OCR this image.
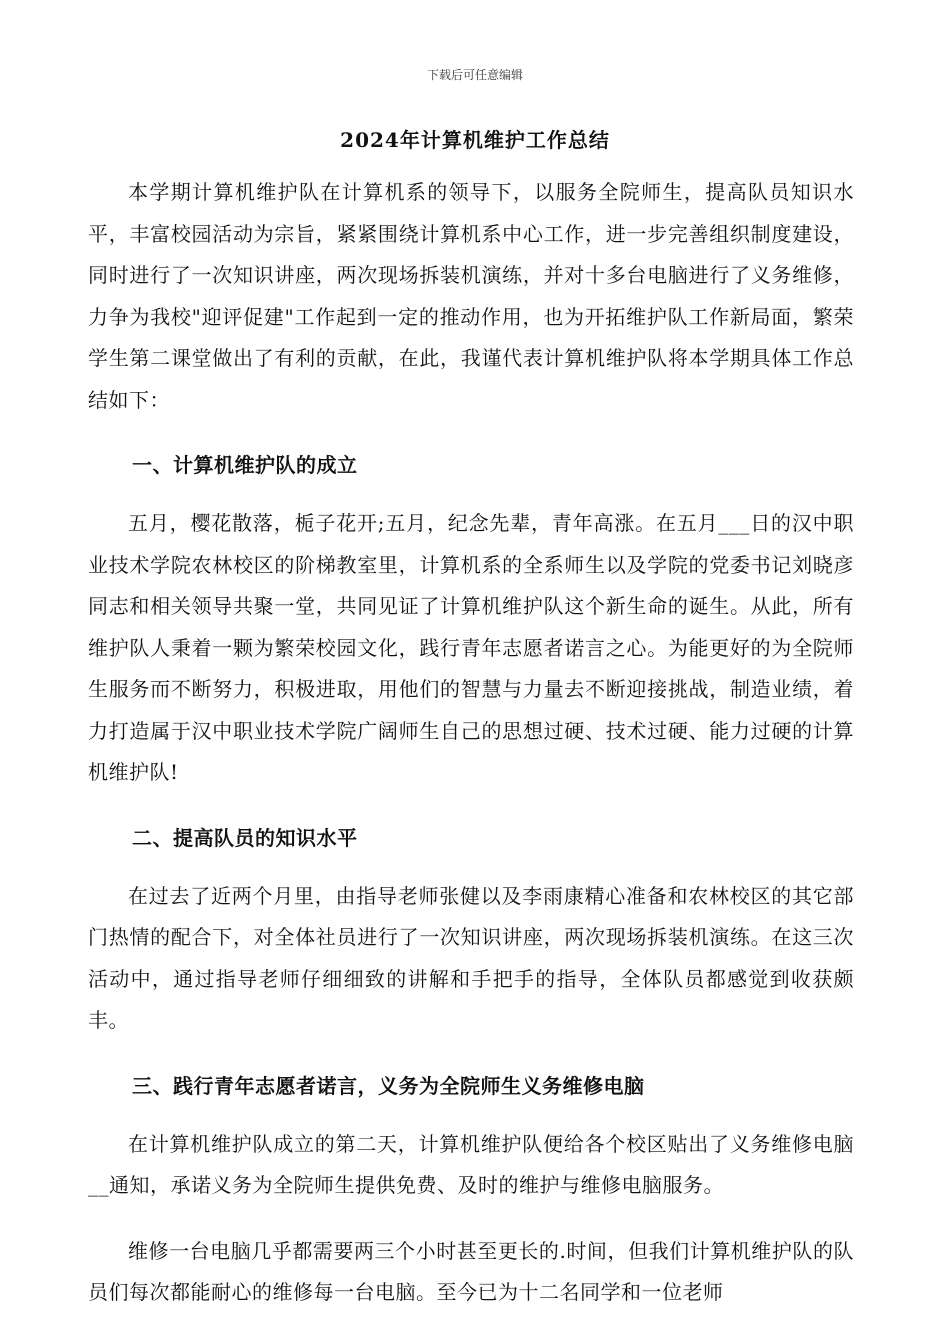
下载后可任意编辑
2024年计算机维护工作总结

本学期计算机维护队在计算机系的领导下，以服务全院师生，提高队员知识水平，丰富校园活动为宗旨，紧紧围绕计算机系中心工作，进一步完善组织制度建设，同时进行了一次知识讲座，两次现场拆装机演练，并对十多台电脑进行了义务维修，力争为我校"迎评促建"工作起到一定的推动作用，也为开拓维护队工作新局面，繁荣学生第二课堂做出了有利的贡献，在此，我谨代表计算机维护队将本学期具体工作总结如下：

一、计算机维护队的成立

五月，樱花散落，栀子花开;五月，纪念先辈，青年高涨。在五月___日的汉中职业技术学院农林校区的阶梯教室里，计算机系的全系师生以及学院的党委书记刘晓彦同志和相关领导共聚一堂，共同见证了计算机维护队这个新生命的诞生。从此，所有维护队人秉着一颗为繁荣校园文化，践行青年志愿者诺言之心。为能更好的为全院师生服务而不断努力，积极进取，用他们的智慧与力量去不断迎接挑战，制造业绩，着力打造属于汉中职业技术学院广阔师生自己的思想过硬、技术过硬、能力过硬的计算机维护队!

二、提高队员的知识水平

在过去了近两个月里，由指导老师张健以及李雨康精心准备和农林校区的其它部门热情的配合下，对全体社员进行了一次知识讲座，两次现场拆装机演练。在这三次活动中，通过指导老师仔细细致的讲解和手把手的指导，全体队员都感觉到收获颇丰。

三、践行青年志愿者诺言，义务为全院师生义务维修电脑

在计算机维护队成立的第二天，计算机维护队便给各个校区贴出了义务维修电脑__通知，承诺义务为全院师生提供免费、及时的维护与维修电脑服务。

维修一台电脑几乎都需要两三个小时甚至更长的.时间，但我们计算机维护队的队员们每次都能耐心的维修每一台电脑。至今已为十二名同学和一位老师
